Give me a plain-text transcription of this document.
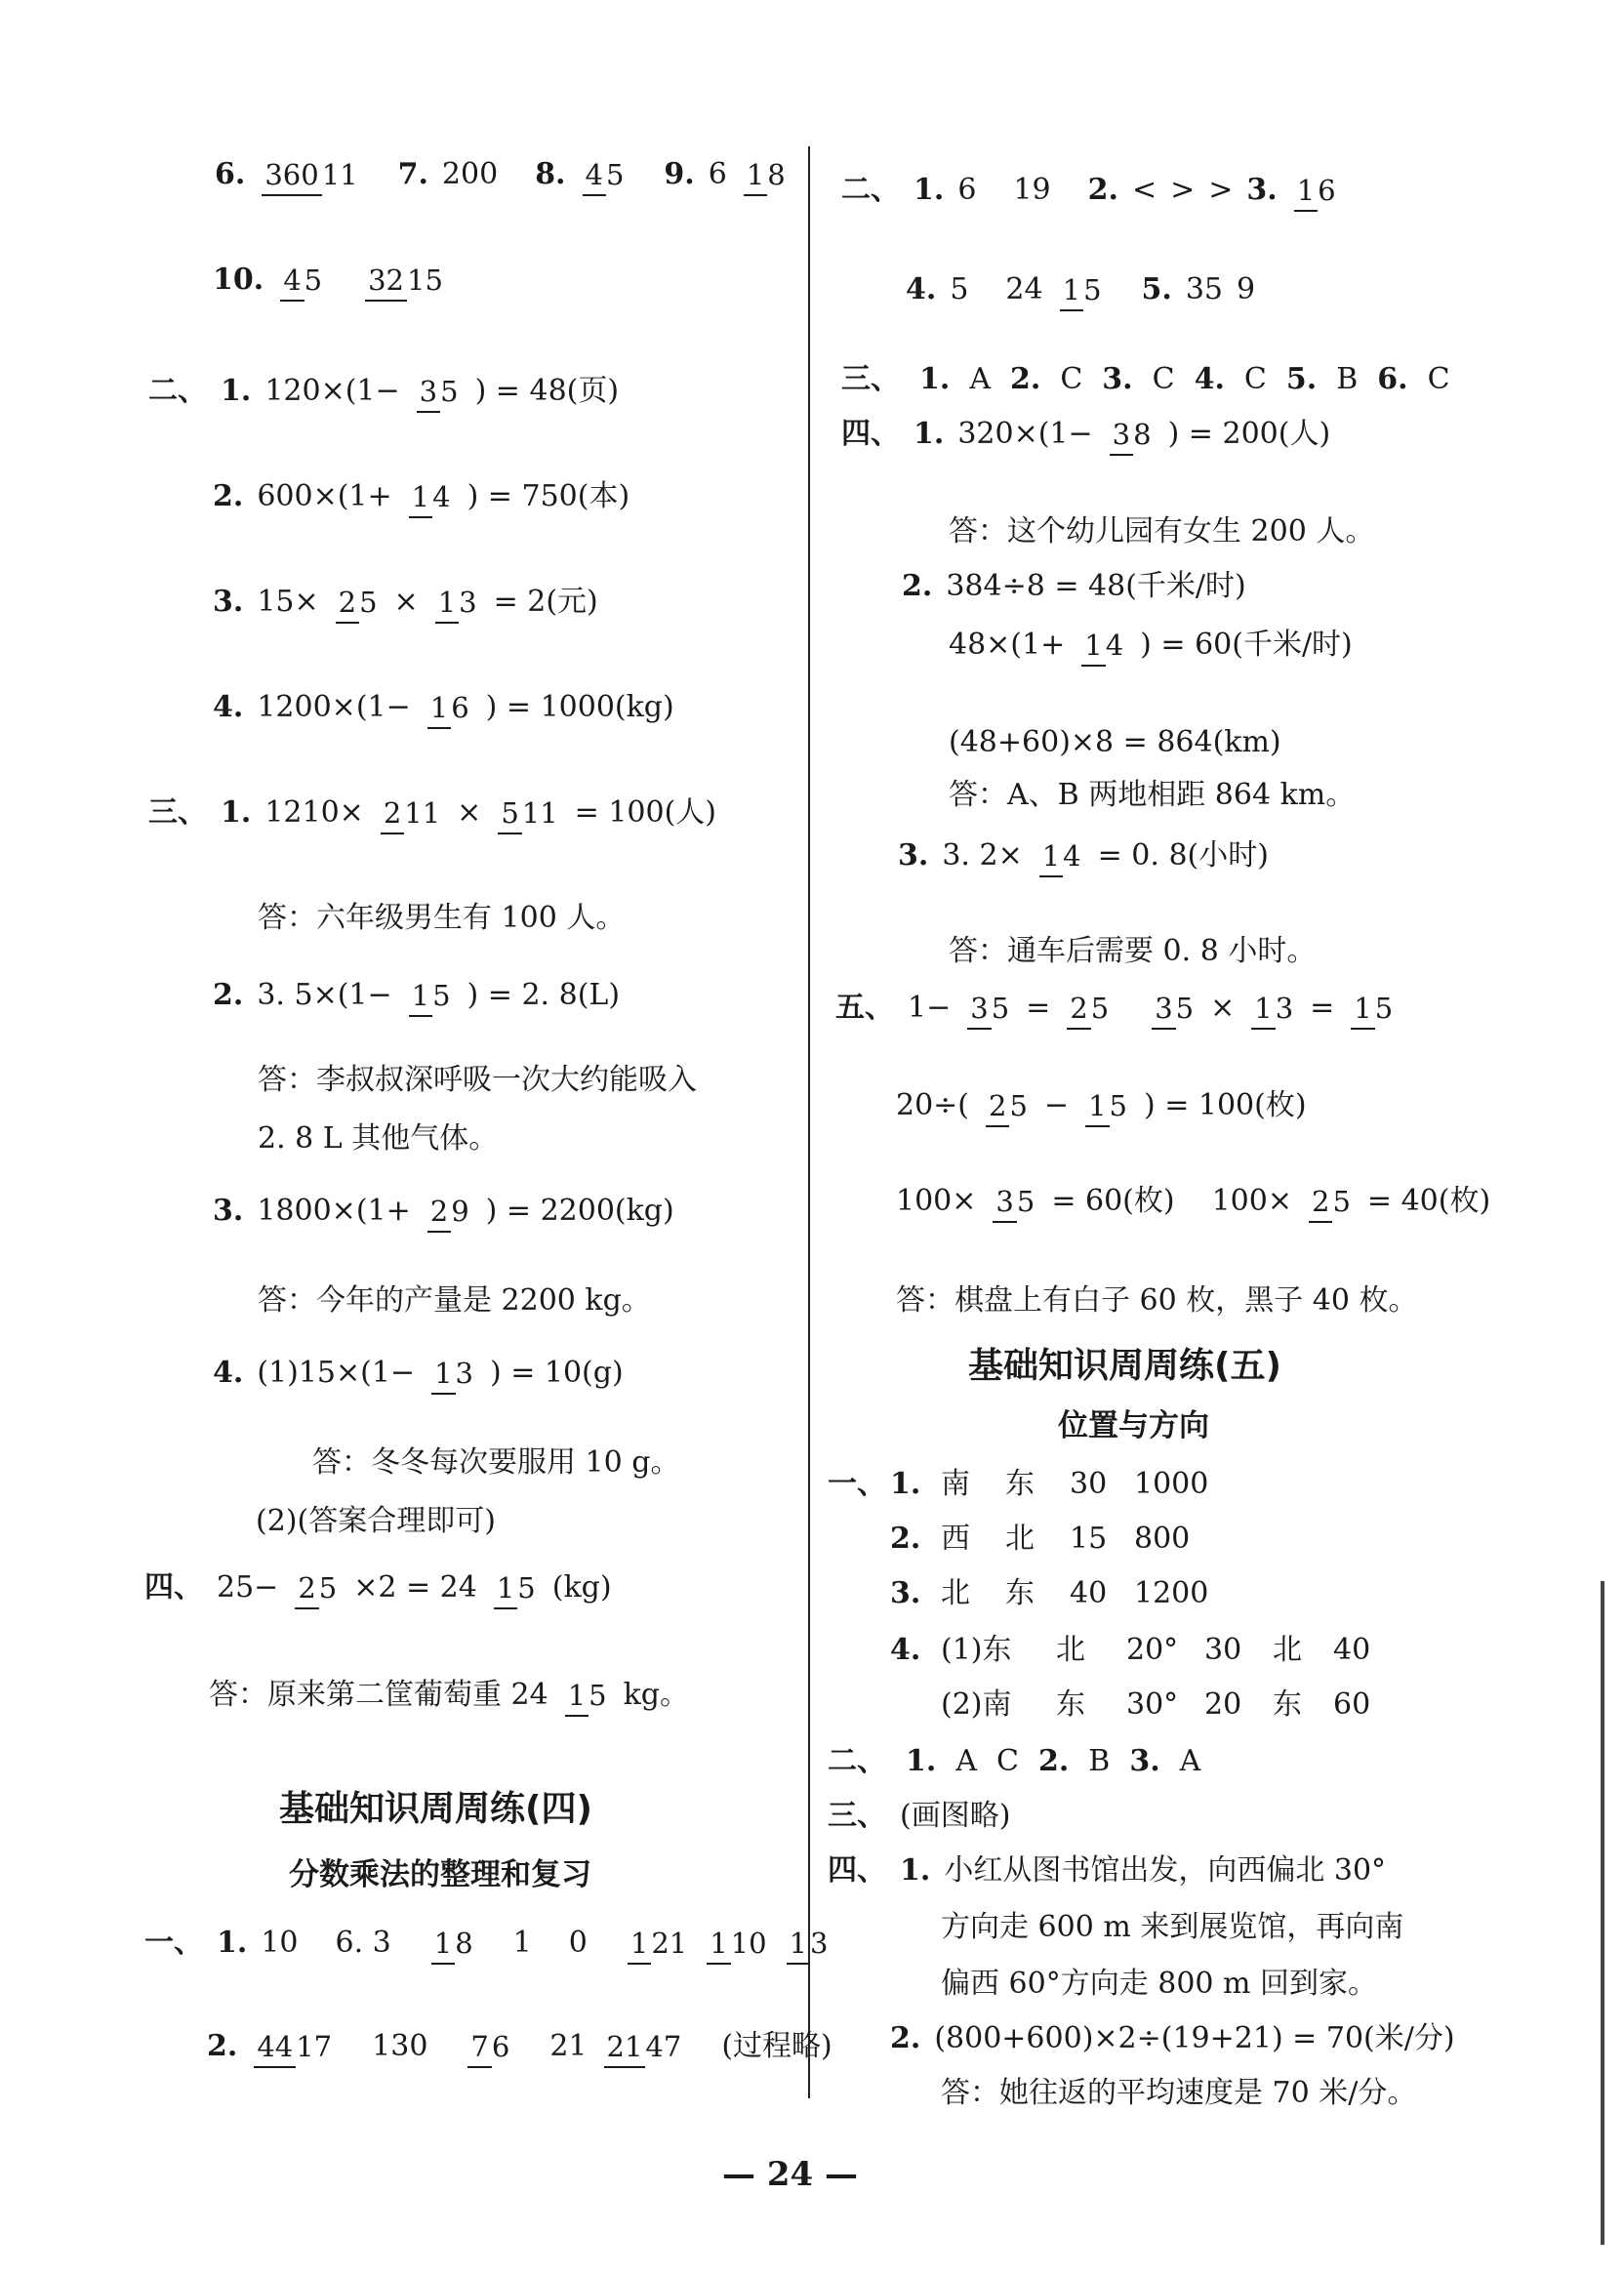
6. 360 11 7. 200 8. 4 5 9. 6 1 8
10. 4 5 32 15
二、 1. 120×(1− 3 5 ) = 48(页)
2. 600×(1+ 1 4 ) = 750(本)
3. 15× 2 5 × 1 3 = 2(元)
4. 1200×(1− 1 6 ) = 1000(kg)
三、 1. 1210× 2 11 × 5 11 = 100(人)
答：六年级男生有 100 人。
2. 3. 5×(1− 1 5 ) = 2. 8(L)
答：李叔叔深呼吸一次大约能吸入
2. 8 L 其他气体。
3. 1800×(1+ 2 9 ) = 2200(kg)
答：今年的产量是 2200 kg。
4. (1)15×(1− 1 3 ) = 10(g)
答：冬冬每次要服用 10 g。
(2)(答案合理即可)
四、 25− 2 5 ×2 = 24 1 5 (kg)
答：原来第二筐葡萄重 24 1 5 kg。
基础知识周周练(四)
分数乘法的整理和复习
一、 1. 10 6. 3 1 8 1 0 1 21 1 10 1 3
2. 44 17 130 7 6 21 21 47 (过程略)
二、 1. 6 19 2. < > > 3. 1 6
4. 5 24 1 5 5. 35 9
三、 1. A 2. C 3. C 4. C 5. B 6. C
四、 1. 320×(1− 3 8 ) = 200(人)
答：这个幼儿园有女生 200 人。
2. 384÷8 = 48(千米/时)
48×(1+ 1 4 ) = 60(千米/时)
(48+60)×8 = 864(km)
答：A、B 两地相距 864 km。
3. 3. 2× 1 4 = 0. 8(小时)
答：通车后需要 0. 8 小时。
五、 1− 3 5 = 2 5 3 5 × 1 3 = 1 5
20÷( 2 5 − 1 5 ) = 100(枚)
100× 3 5 = 60(枚) 100× 2 5 = 40(枚)
答：棋盘上有白子 60 枚，黑子 40 枚。
基础知识周周练(五)
位置与方向
一、 1. 南	东	30 1000
2. 西	北	15 800
3. 北	东	40 1200
4. (1)东	北	20° 30	北	40
(2)南	东	30° 20	东	60
二、 1. A C 2. B 3. A
三、 (画图略)
四、 1. 小红从图书馆出发，向西偏北 30°
方向走 600 m 来到展览馆，再向南
偏西 60°方向走 800 m 回到家。
2. (800+600)×2÷(19+21) = 70(米/分)
答：她往返的平均速度是 70 米/分。
— 24 —
